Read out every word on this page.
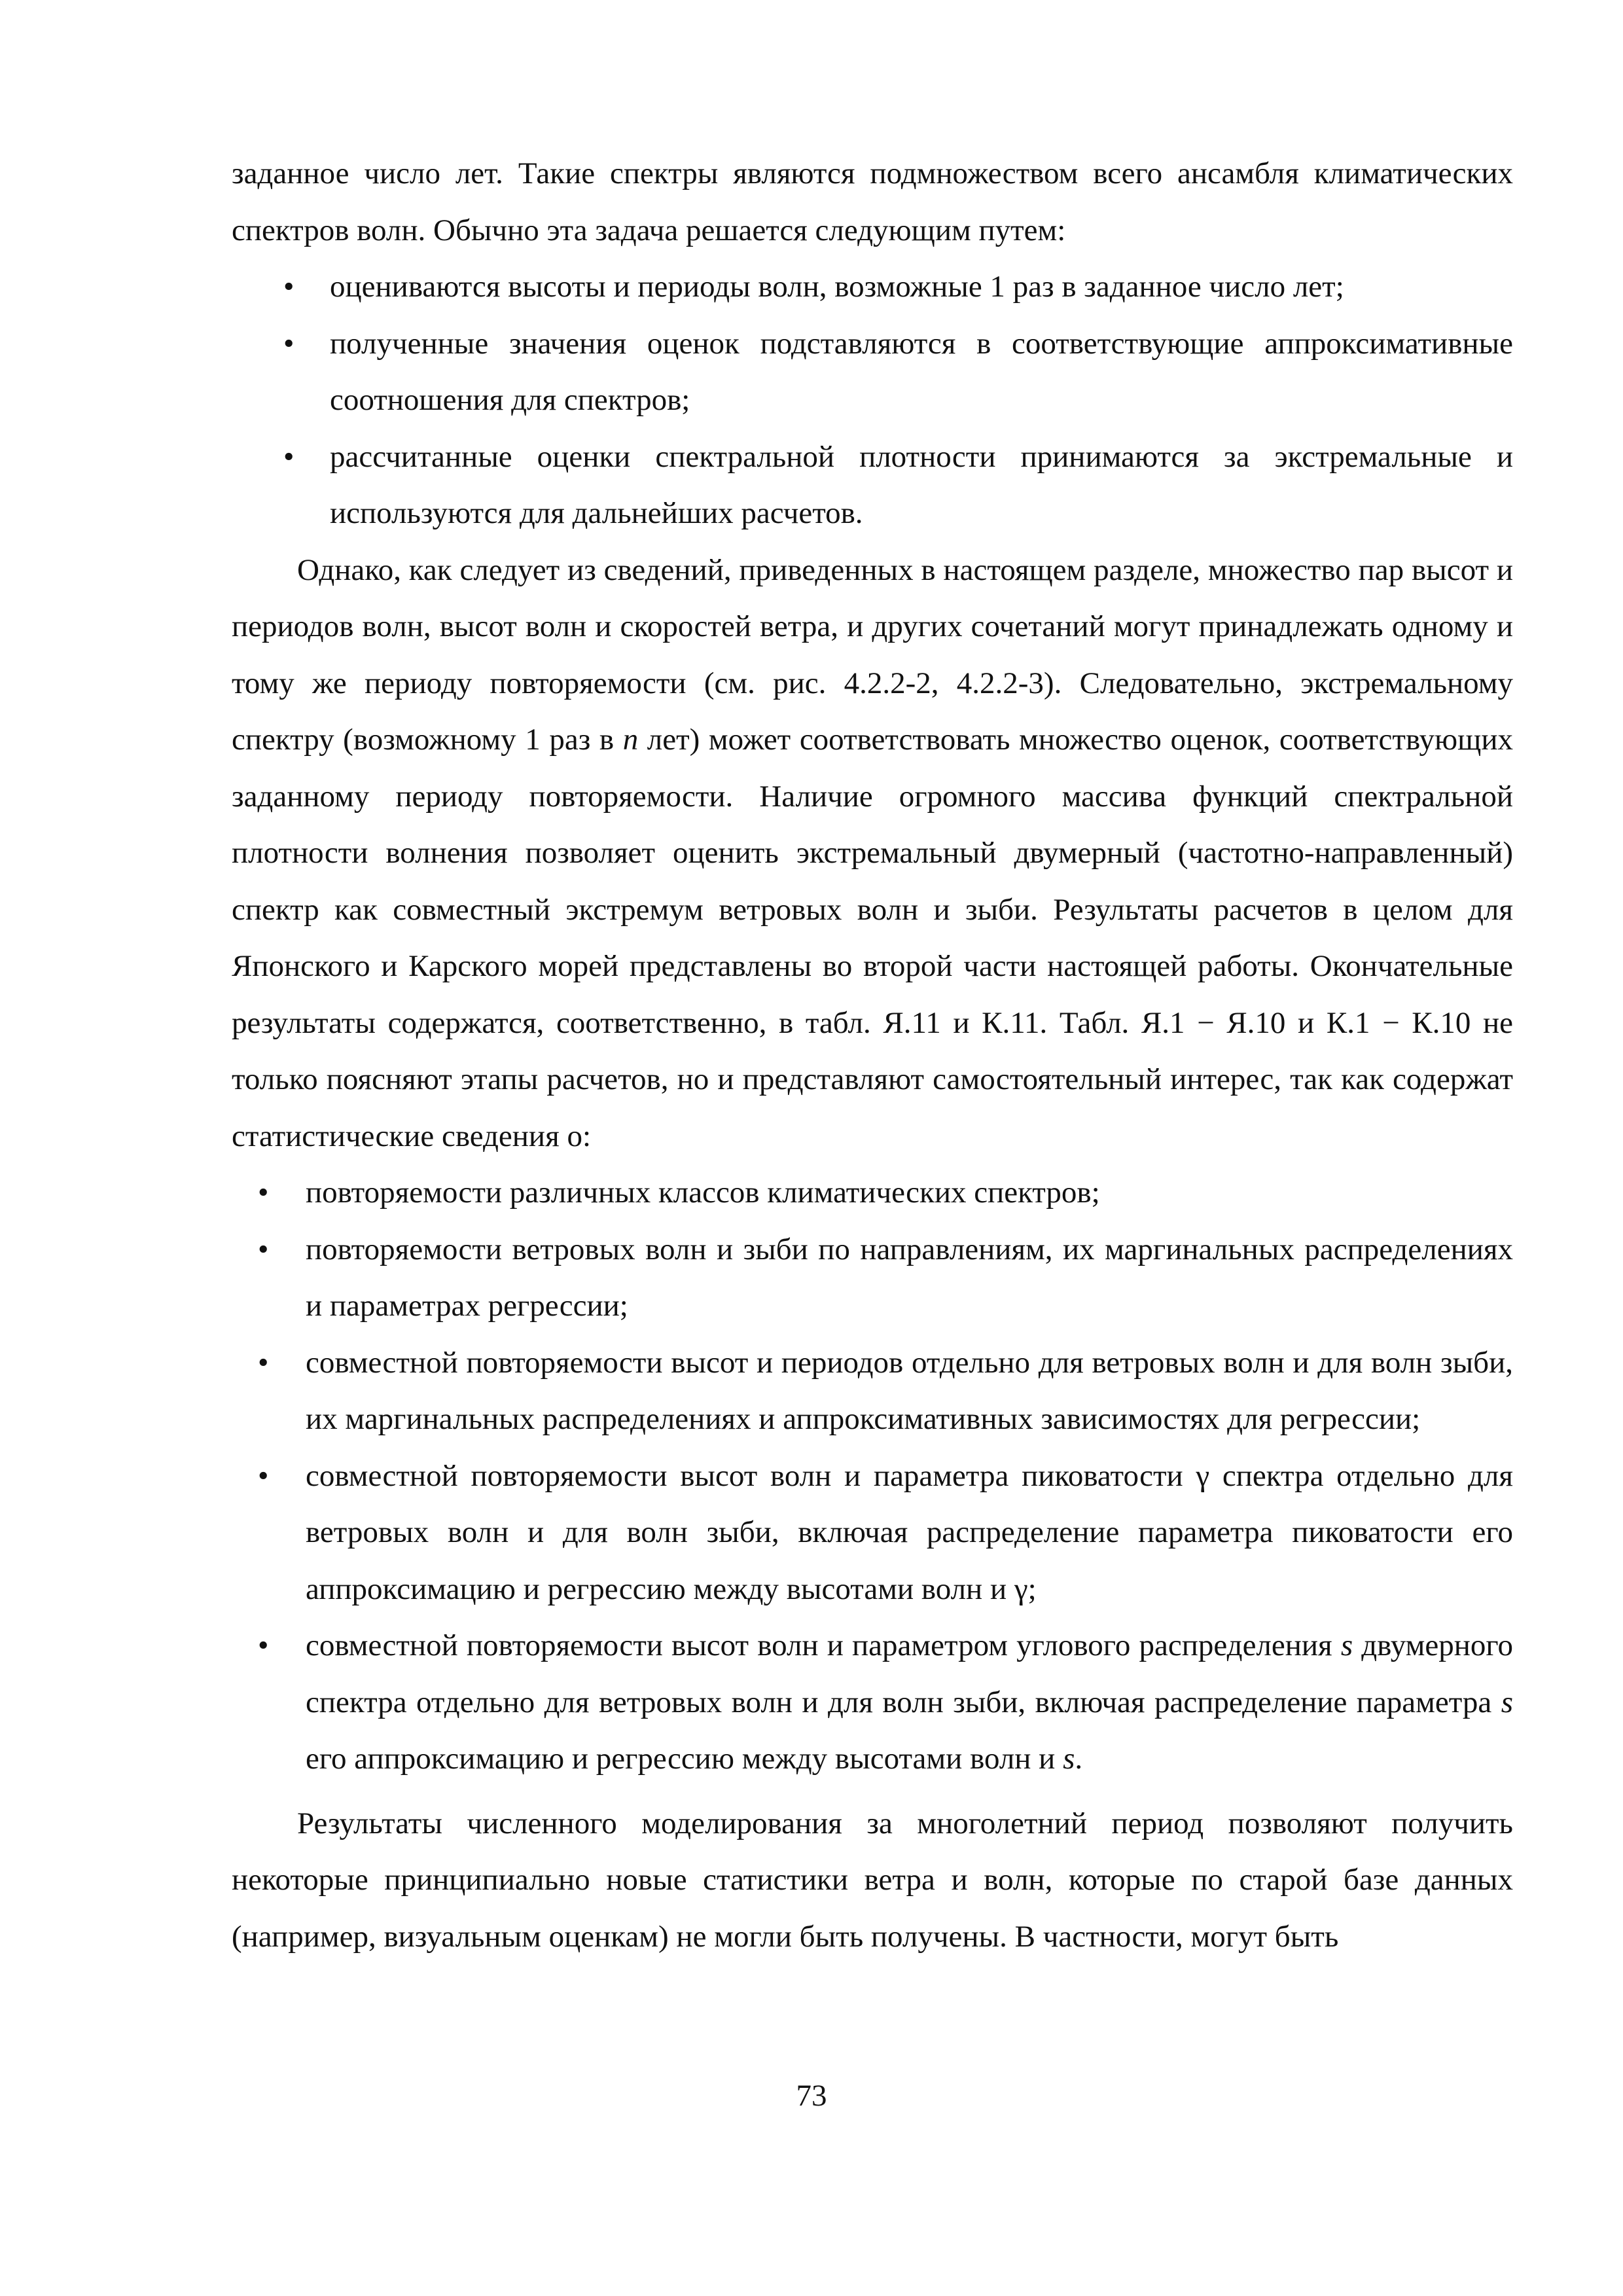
заданное число лет. Такие спектры являются подмножеством всего ансамбля климатических спектров волн. Обычно эта задача решается следующим путем:

• оцениваются высоты и периоды волн, возможные 1 раз в заданное число лет;
• полученные значения оценок подставляются в соответствующие аппроксимативные соотношения для спектров;
• рассчитанные оценки спектральной плотности принимаются за экстремальные и используются для дальнейших расчетов.

Однако, как следует из сведений, приведенных в настоящем разделе, множество пар высот и периодов волн, высот волн и скоростей ветра, и других сочетаний могут принадлежать одному и тому же периоду повторяемости (см. рис. 4.2.2-2, 4.2.2-3). Следовательно, экстремальному спектру (возможному 1 раз в n лет) может соответствовать множество оценок, соответствующих заданному периоду повторяемости. Наличие огромного массива функций спектральной плотности волнения позволяет оценить экстремальный двумерный (частотно-направленный) спектр как совместный экстремум ветровых волн и зыби. Результаты расчетов в целом для Японского и Карского морей представлены во второй части настоящей работы. Окончательные результаты содержатся, соответственно, в табл. Я.11 и К.11. Табл. Я.1 − Я.10 и К.1 − К.10 не только поясняют этапы расчетов, но и представляют самостоятельный интерес, так как содержат статистические сведения о:

• повторяемости различных классов климатических спектров;
• повторяемости ветровых волн и зыби по направлениям, их маргинальных распределениях и параметрах регрессии;
• совместной повторяемости высот и периодов отдельно для ветровых волн и для волн зыби, их маргинальных распределениях и аппроксимативных зависимостях для регрессии;
• совместной повторяемости высот волн и параметра пиковатости γ спектра отдельно для ветровых волн и для волн зыби, включая распределение параметра пиковатости его аппроксимацию и регрессию между высотами волн и γ;
• совместной повторяемости высот волн и параметром углового распределения s двумерного спектра отдельно для ветровых волн и для волн зыби, включая распределение параметра s его аппроксимацию и регрессию между высотами волн и s.

Результаты численного моделирования за многолетний период позволяют получить некоторые принципиально новые статистики ветра и волн, которые по старой базе данных (например, визуальным оценкам) не могли быть получены. В частности, могут быть

73
